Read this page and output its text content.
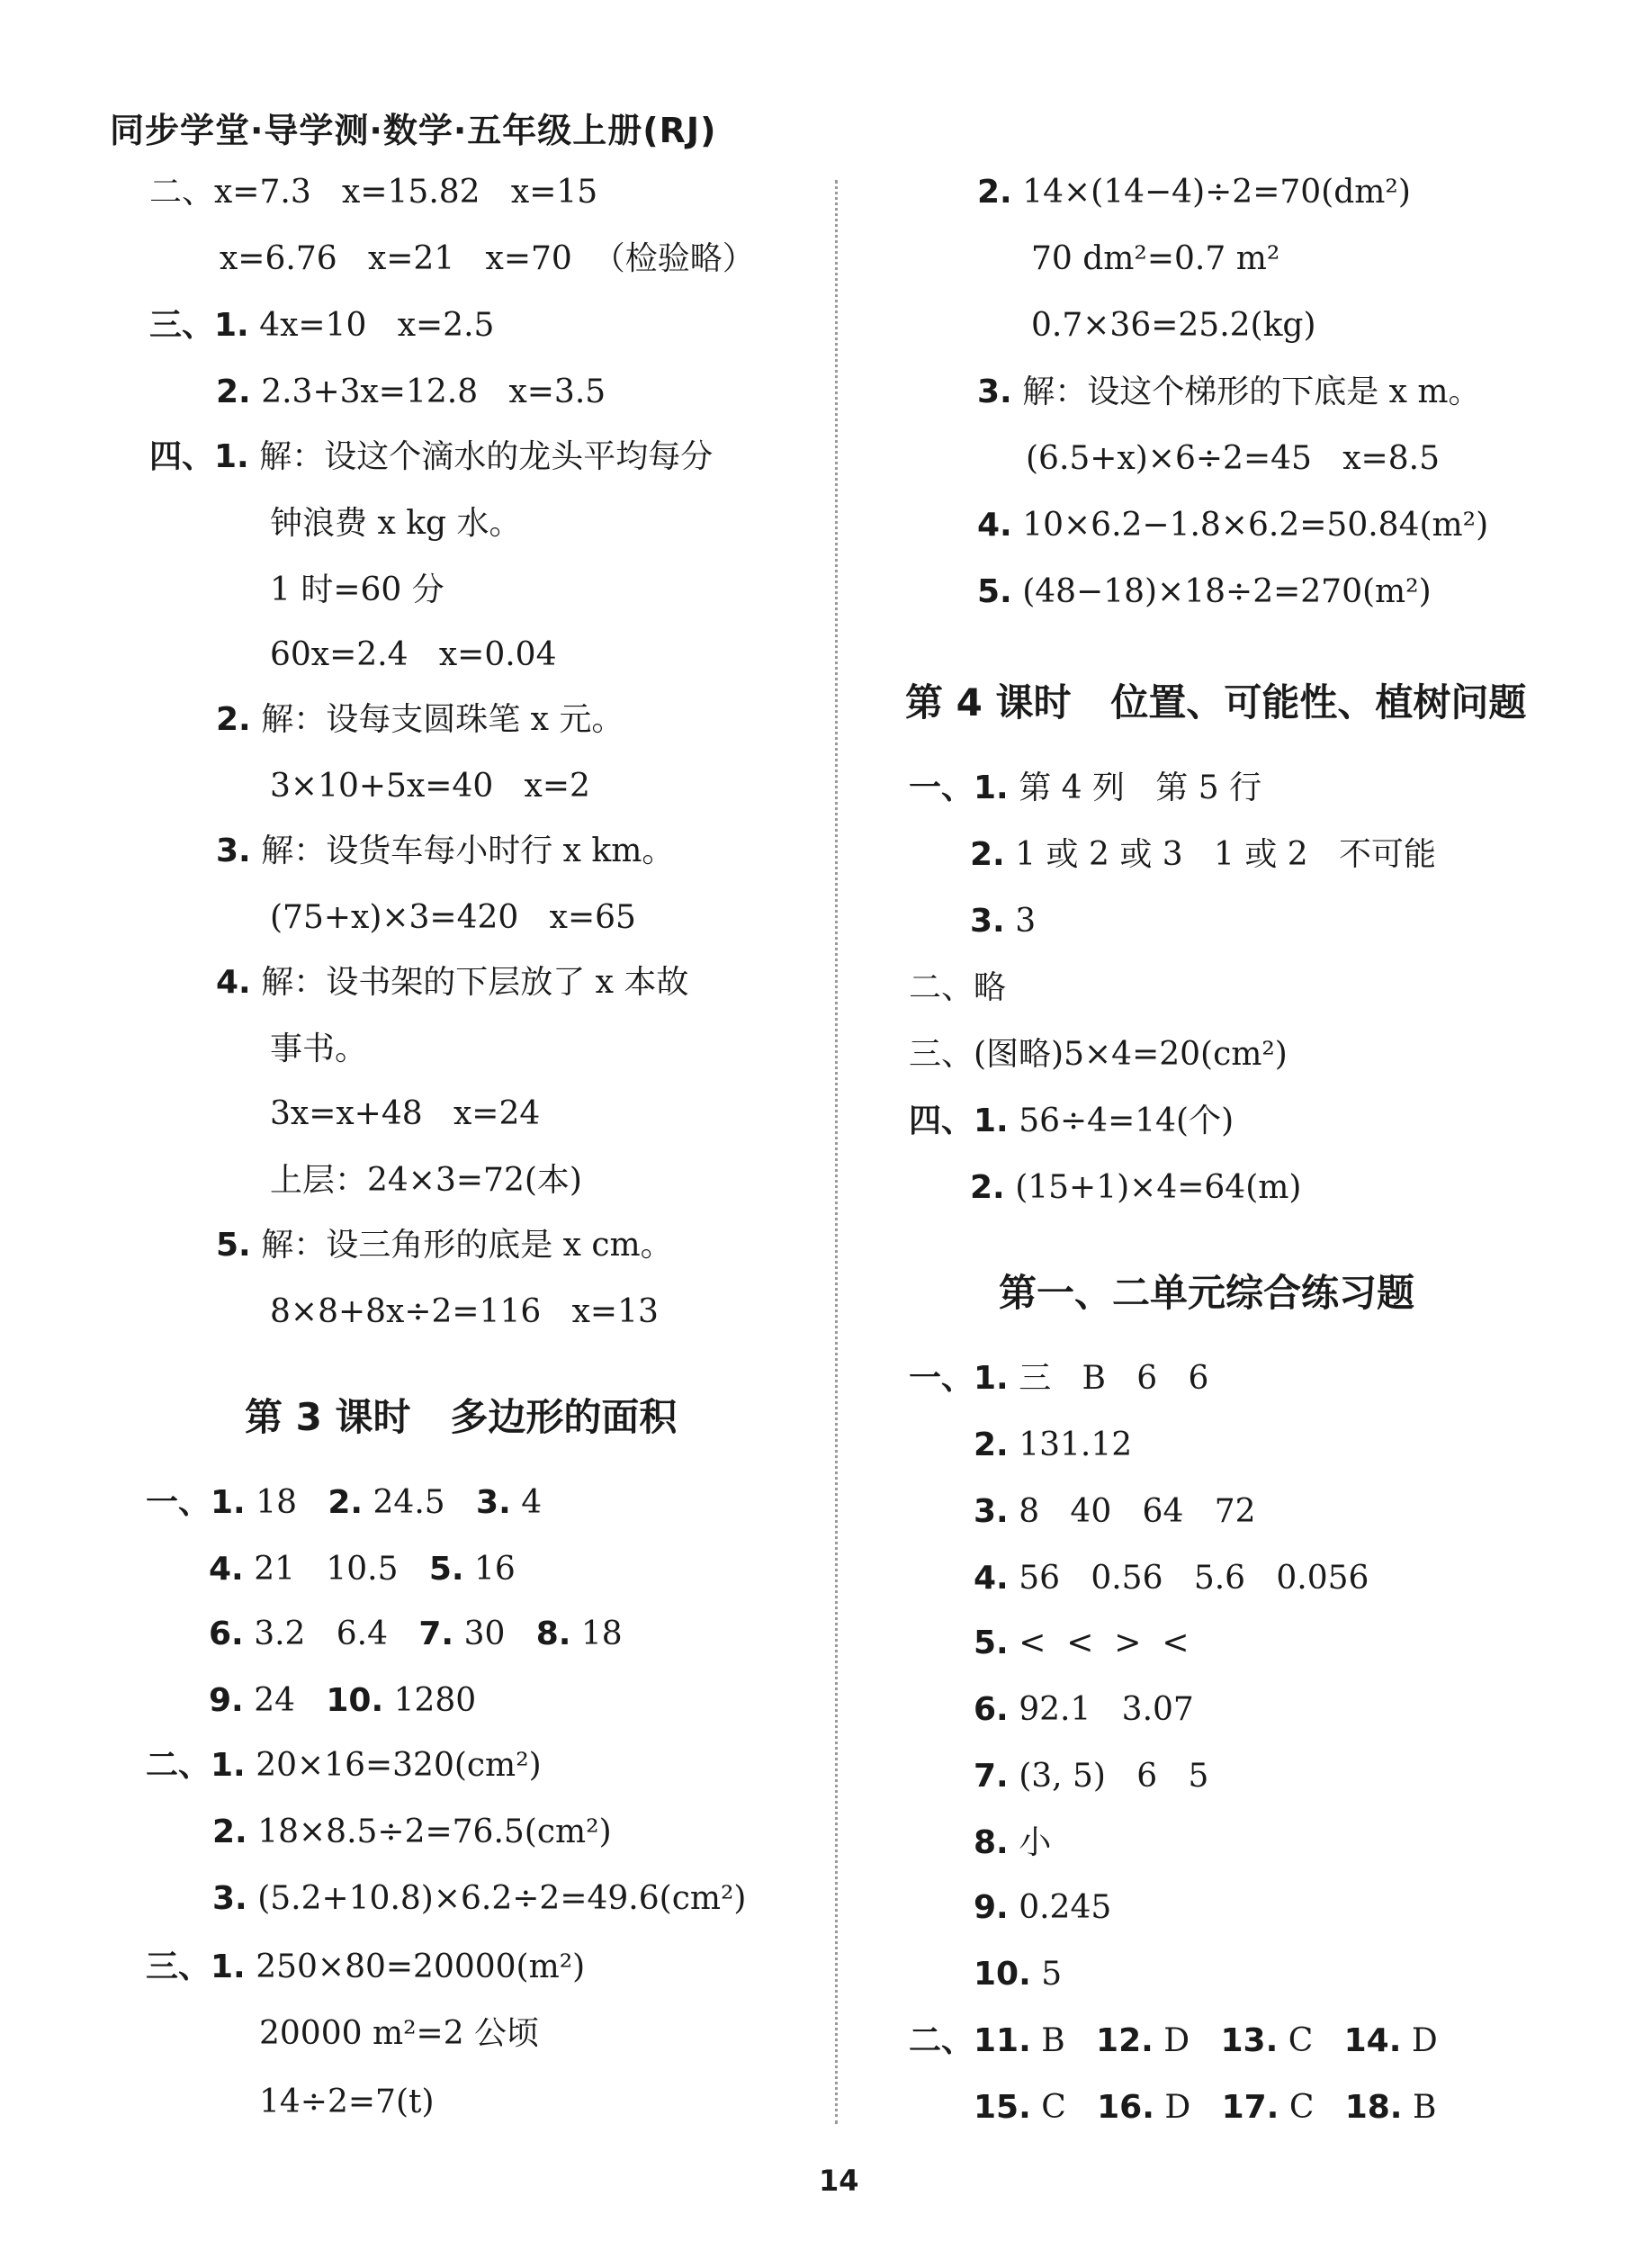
同步学堂·导学测·数学·五年级上册(RJ)
二、x=7.3   x=15.82   x=15
x=6.76   x=21   x=70  （检验略）
三、1. 4x=10   x=2.5
2. 2.3+3x=12.8   x=3.5
四、1. 解：设这个滴水的龙头平均每分
钟浪费 x kg 水。
1 时=60 分
60x=2.4   x=0.04
2. 解：设每支圆珠笔 x 元。
3×10+5x=40   x=2
3. 解：设货车每小时行 x km。
(75+x)×3=420   x=65
4. 解：设书架的下层放了 x 本故
事书。
3x=x+48   x=24
上层：24×3=72(本)
5. 解：设三角形的底是 x cm。
8×8+8x÷2=116   x=13
第 3 课时   多边形的面积
一、1. 18 2. 24.5 3. 4
4. 21   10.5 5. 16
6. 3.2   6.4 7. 30 8. 18
9. 24 10. 1280
二、1. 20×16=320(cm²)
2. 18×8.5÷2=76.5(cm²)
3. (5.2+10.8)×6.2÷2=49.6(cm²)
三、1. 250×80=20000(m²)
20000 m²=2 公顷
14÷2=7(t)
2. 14×(14−4)÷2=70(dm²)
70 dm²=0.7 m²
0.7×36=25.2(kg)
3. 解：设这个梯形的下底是 x m。
(6.5+x)×6÷2=45   x=8.5
4. 10×6.2−1.8×6.2=50.84(m²)
5. (48−18)×18÷2=270(m²)
第 4 课时   位置、可能性、植树问题
一、1. 第 4 列   第 5 行
2. 1 或 2 或 3   1 或 2   不可能
3. 3
二、略
三、(图略)5×4=20(cm²)
四、1. 56÷4=14(个)
2. (15+1)×4=64(m)
第一、二单元综合练习题
一、1. 三   B   6   6
2. 131.12
3. 8   40   64   72
4. 56   0.56   5.6   0.056
5. <  <  >  <
6. 92.1   3.07
7. (3, 5)   6   5
8. 小
9. 0.245
10. 5
二、11. B 12. D 13. C 14. D
15. C 16. D 17. C 18. B
14
